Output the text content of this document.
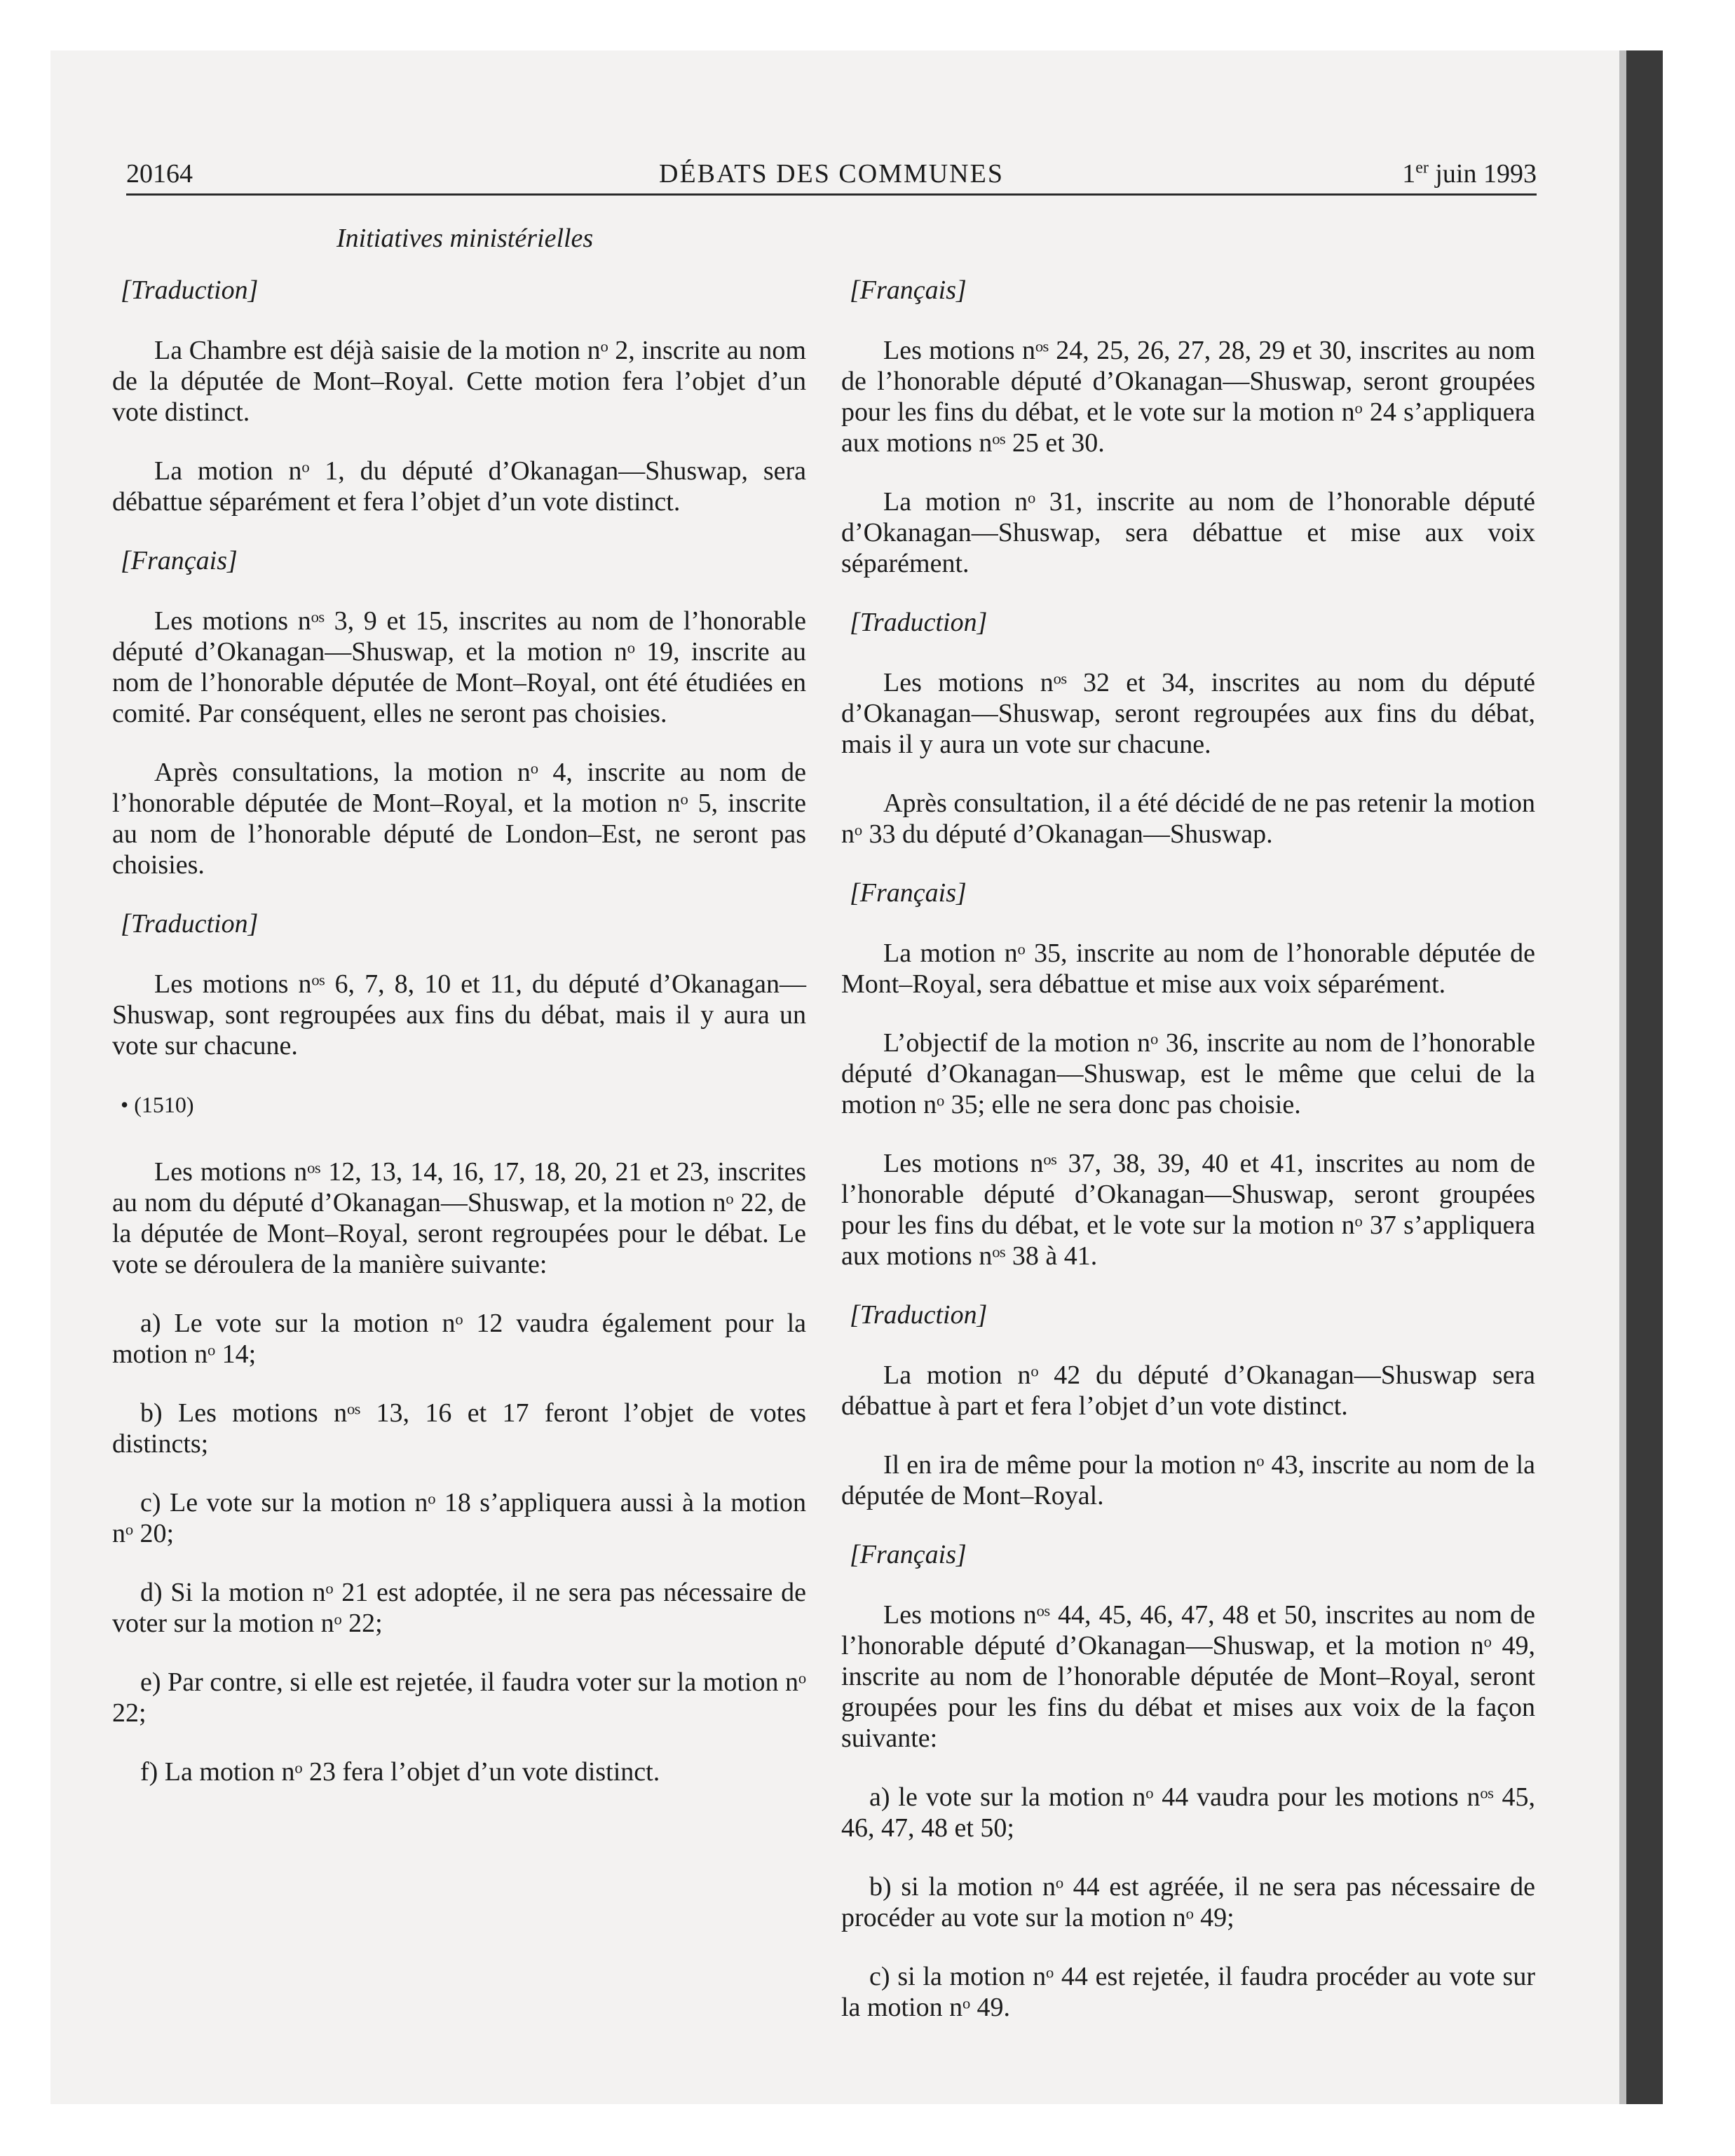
20164	DÉBATS DES COMMUNES	1er juin 1993
Initiatives ministérielles
[Traduction]

La Chambre est déjà saisie de la motion nᵒ 2, inscrite au nom de la députée de Mont–Royal. Cette motion fera l’objet d’un vote distinct.

La motion nᵒ 1, du député d’Okanagan—Shuswap, sera débattue séparément et fera l’objet d’un vote distinct.

[Français]

Les motions nᵒˢ 3, 9 et 15, inscrites au nom de l’honorable député d’Okanagan—Shuswap, et la motion nᵒ 19, inscrite au nom de l’honorable députée de Mont–Royal, ont été étudiées en comité. Par conséquent, elles ne seront pas choisies.

Après consultations, la motion nᵒ 4, inscrite au nom de l’honorable députée de Mont–Royal, et la motion nᵒ 5, inscrite au nom de l’honorable député de London–Est, ne seront pas choisies.

[Traduction]

Les motions nᵒˢ 6, 7, 8, 10 et 11, du député d’Okanagan—Shuswap, sont regroupées aux fins du débat, mais il y aura un vote sur chacune.

• (1510)

Les motions nᵒˢ 12, 13, 14, 16, 17, 18, 20, 21 et 23, inscrites au nom du député d’Okanagan—Shuswap, et la motion nᵒ 22, de la députée de Mont–Royal, seront regroupées pour le débat. Le vote se déroulera de la manière suivante:

a) Le vote sur la motion nᵒ 12 vaudra également pour la motion nᵒ 14;

b) Les motions nᵒˢ 13, 16 et 17 feront l’objet de votes distincts;

c) Le vote sur la motion nᵒ 18 s’appliquera aussi à la motion nᵒ 20;

d) Si la motion nᵒ 21 est adoptée, il ne sera pas nécessaire de voter sur la motion nᵒ 22;

e) Par contre, si elle est rejetée, il faudra voter sur la motion nᵒ 22;

f) La motion nᵒ 23 fera l’objet d’un vote distinct.

[Français]

Les motions nᵒˢ 24, 25, 26, 27, 28, 29 et 30, inscrites au nom de l’honorable député d’Okanagan—Shuswap, seront groupées pour les fins du débat, et le vote sur la motion nᵒ 24 s’appliquera aux motions nᵒˢ 25 et 30.

La motion nᵒ 31, inscrite au nom de l’honorable député d’Okanagan—Shuswap, sera débattue et mise aux voix séparément.

[Traduction]

Les motions nᵒˢ 32 et 34, inscrites au nom du député d’Okanagan—Shuswap, seront regroupées aux fins du débat, mais il y aura un vote sur chacune.

Après consultation, il a été décidé de ne pas retenir la motion nᵒ 33 du député d’Okanagan—Shuswap.

[Français]

La motion nᵒ 35, inscrite au nom de l’honorable députée de Mont–Royal, sera débattue et mise aux voix séparément.

L’objectif de la motion nᵒ 36, inscrite au nom de l’honorable député d’Okanagan—Shuswap, est le même que celui de la motion nᵒ 35; elle ne sera donc pas choisie.

Les motions nᵒˢ 37, 38, 39, 40 et 41, inscrites au nom de l’honorable député d’Okanagan—Shuswap, seront groupées pour les fins du débat, et le vote sur la motion nᵒ 37 s’appliquera aux motions nᵒˢ 38 à 41.

[Traduction]

La motion nᵒ 42 du député d’Okanagan—Shuswap sera débattue à part et fera l’objet d’un vote distinct.

Il en ira de même pour la motion nᵒ 43, inscrite au nom de la députée de Mont–Royal.

[Français]

Les motions nᵒˢ 44, 45, 46, 47, 48 et 50, inscrites au nom de l’honorable député d’Okanagan—Shuswap, et la motion nᵒ 49, inscrite au nom de l’honorable députée de Mont–Royal, seront groupées pour les fins du débat et mises aux voix de la façon suivante:

a) le vote sur la motion nᵒ 44 vaudra pour les motions nᵒˢ 45, 46, 47, 48 et 50;

b) si la motion nᵒ 44 est agréée, il ne sera pas nécessaire de procéder au vote sur la motion nᵒ 49;

c) si la motion nᵒ 44 est rejetée, il faudra procéder au vote sur la motion nᵒ 49.
